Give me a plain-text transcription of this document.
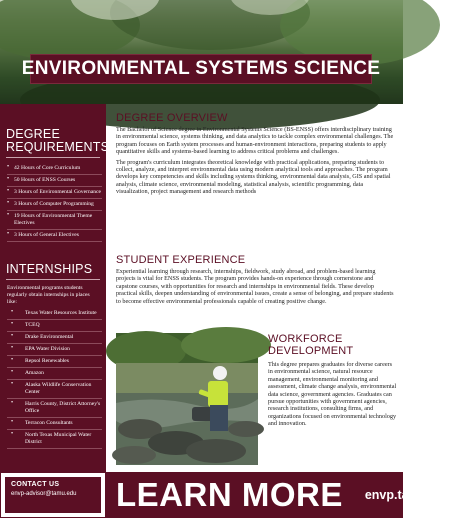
ENVIRONMENTAL SYSTEMS SCIENCE
DEGREE
REQUIREMENTS
• 42 Hours of Core Curriculum
• 50 Hours of ENSS Courses
• 3 Hours of Environmental Governance
• 3 Hours of Computer Programming
• 19 Hours of Environmental Theme Electives
• 3 Hours of General Electives
INTERNSHIPS

Environmental programs students regularly obtain internships in places like:

• Texas Water Resources Institute
• TCEQ
• Drake Environmental
• EPA Water Division
• Repsol Renewables
• Amazon
• Alaska Wildlife Conservation Center
• Harris County, District Attorney's Office
• Terracon Consultants
• North Texas Municipal Water District
DEGREE OVERVIEW

The Bachelor of Science degree in Environmental Systems Science (BS-ENSS) offers interdisciplinary training in environmental science, systems thinking, and data analytics to tackle complex environmental challenges. The program focuses on Earth system processes and human-environment interactions, preparing students to apply quantitative skills and systems-based learning to address critical problems and challenges.

The program's curriculum integrates theoretical knowledge with practical applications, preparing students to collect, analyze, and interpret environmental data using modern analytical tools and approaches. The program develops key competencies and skills including systems thinking, environmental data analysis, GIS and spatial analysis, climate science, environmental modeling, statistical analysis, scientific programming, data visualization, project management and research methods

STUDENT EXPERIENCE

Experiential learning through research, internships, fieldwork, study abroad, and problem-based learning projects is vital for ENSS students. The program provides hands-on experience through cornerstone and capstone courses, with opportunities for research and internships in environmental fields. These develop practical skills, deepen understanding of environmental issues, create a sense of belonging, and prepare students to become effective environmental professionals capable of creating positive change.

WORKFORCE
DEVELOPMENT

This degree prepares graduates for diverse careers in environmental science, natural resource management, environmental monitoring and assessment, climate change analysis, environmental data science, government agencies. Graduates can pursue opportunities with government agencies, research institutions, consulting firms, and organizations focused on environmental technology and innovation.

CONTACT US
envp-advisor@tamu.edu	LEARN MORE envp.tamu.edu
